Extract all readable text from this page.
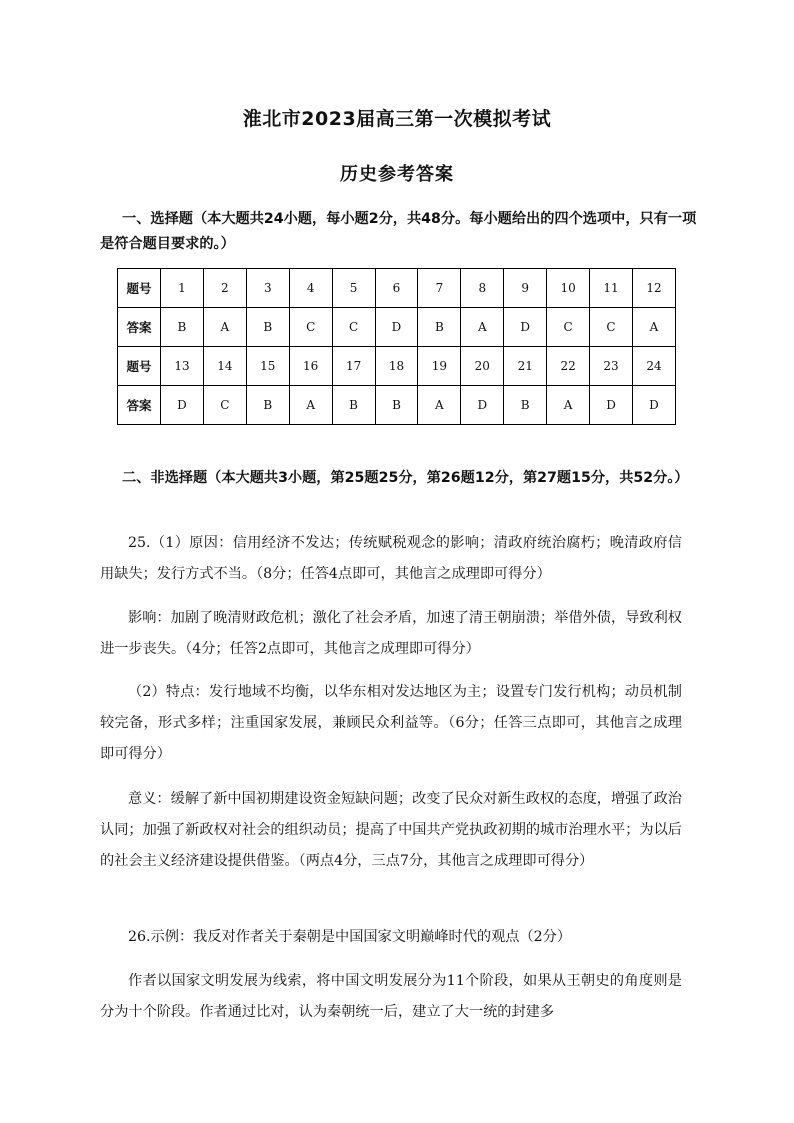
淮北市2023届高三第一次模拟考试
历史参考答案

一、选择题（本大题共24小题，每小题2分，共48分。每小题给出的四个选项中，只有一项是符合题目要求的。）

题号	1	2	3	4	5	6	7	8	9	10	11	12
答案	B	A	B	C	C	D	B	A	D	C	C	A
题号	13	14	15	16	17	18	19	20	21	22	23	24
答案	D	C	B	A	B	B	A	D	B	A	D	D

二、非选择题（本大题共3小题，第25题25分，第26题12分，第27题15分，共52分。）

25.（1）原因：信用经济不发达；传统赋税观念的影响；清政府统治腐朽；晚清政府信用缺失；发行方式不当。（8分；任答4点即可，其他言之成理即可得分）

影响：加剧了晚清财政危机；激化了社会矛盾，加速了清王朝崩溃；举借外债，导致利权进一步丧失。（4分；任答2点即可，其他言之成理即可得分）

（2）特点：发行地域不均衡，以华东相对发达地区为主；设置专门发行机构；动员机制较完备，形式多样；注重国家发展，兼顾民众利益等。（6分；任答三点即可，其他言之成理即可得分）

意义：缓解了新中国初期建设资金短缺问题；改变了民众对新生政权的态度，增强了政治认同；加强了新政权对社会的组织动员；提高了中国共产党执政初期的城市治理水平；为以后的社会主义经济建设提供借鉴。（两点4分，三点7分，其他言之成理即可得分）

26.示例：我反对作者关于秦朝是中国国家文明巅峰时代的观点（2分）

作者以国家文明发展为线索，将中国文明发展分为11个阶段，如果从王朝史的角度则是分为十个阶段。作者通过比对，认为秦朝统一后，建立了大一统的封建多
